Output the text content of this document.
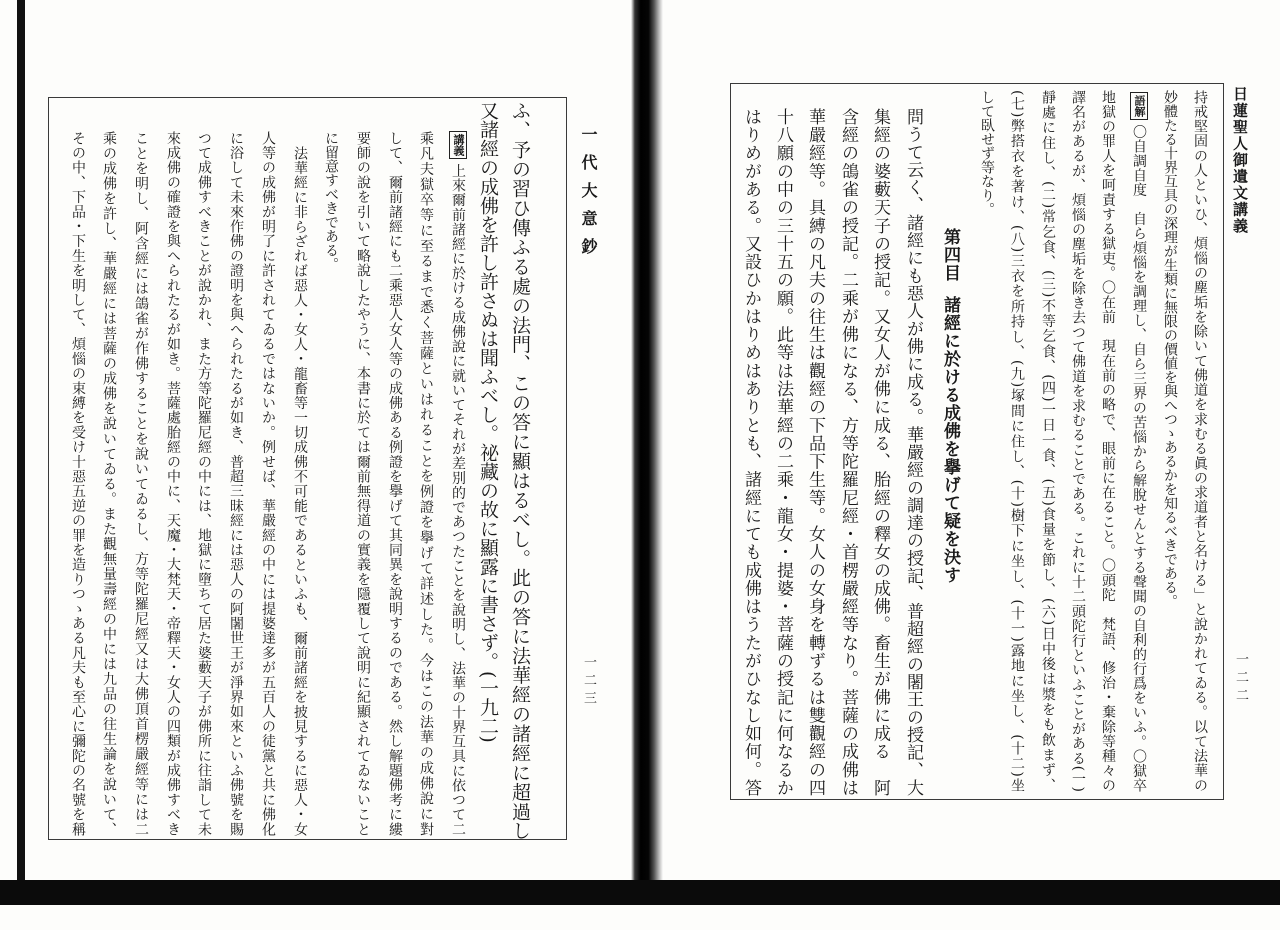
一代大意鈔
一二三
ふ、予の習ひ傳ふる處の法門、この答に顯はるべし。此の答に法華經の諸經に超過し
又諸經の成佛を許し許さぬは聞ふべし。祕藏の故に顯露に書さず。(一九二)
講義上來爾前諸經に於ける成佛說に就いてそれが差別的であつたことを說明し、法華の十界互具に依つて二
乘凡夫獄卒等に至るまで悉く菩薩といはれることを例證を擧げて詳述した。今はこの法華の成佛說に對
して、爾前諸經にも二乘惡人女人等の成佛ある例證を擧げて其同異を說明するのである。然し解題佛考に縷
要師の說を引いて略說したやうに、本書に於ては爾前無得道の實義を隱覆して說明に紀顯されてゐないこと
に留意すべきである。
法華經に非らざれば惡人・女人・龍畜等一切成佛不可能であるといふも、爾前諸經を披見するに惡人・女
人等の成佛が明了に許されてゐるではないか。例せば、華嚴經の中には提婆達多が五百人の徒黨と共に佛化
に浴して未來作佛の證明を與へられたるが如き、普超三昧經には惡人の阿闍世王が淨界如來といふ佛號を賜
つて成佛すべきことが說かれ、また方等陀羅尼經の中には、地獄に墮ちて居た婆藪天子が佛所に往詣して未
來成佛の確證を與へられたるが如き。菩薩處胎經の中に、天魔・大梵天・帝釋天・女人の四類が成佛すべき
ことを明し、阿含經には鴿雀が作佛することを說いてゐるし、方等陀羅尼經又は大佛頂首楞嚴經等には二
乘の成佛を許し、華嚴經には菩薩の成佛を說いてゐる。また觀無量壽經の中には九品の往生論を說いて、
その中、下品・下生を明して、煩惱の束縛を受け十惡五逆の罪を造りつゝある凡夫も至心に彌陀の名號を稱	日蓮聖人御遺文講義
一二二
持戒堅固の人といひ、煩惱の塵垢を除いて佛道を求むる眞の求道者と名ける」と說かれてゐる。以て法華の
妙體たる十界互具の深理が生類に無限の價値を與へつゝあるかを知るべきである。
語解〇自調自度　自ら煩惱を調理し、自ら三界の苦惱から解脫せんとする聲聞の自利的行爲をいふ。〇獄卒
地獄の罪人を呵責する獄吏。〇在前　現在前の略で、眼前に在ること。〇頭陀　梵語、修治・棄除等種々の
譯名があるが、煩惱の塵垢を除き去つて佛道を求むることである。これに十二頭陀行といふことがある(一)
靜處に住し、(二)常乞食、(三)不等乞食、(四)一日一食、(五)食量を節し、(六)日中後は漿をも飲まず、
(七)弊搭衣を著け、(八)三衣を所持し、(九)塚間に住し、(十)樹下に坐し、(十一)露地に坐し、(十二)坐
して臥せず等なり。
第四目諸經に於ける成佛を擧げて疑を決す
問うて云く、諸經にも惡人が佛に成る。華嚴經の調達の授記、普超經の闍王の授記、大
集經の婆藪天子の授記。又女人が佛に成る、胎經の釋女の成佛。畜生が佛に成る　阿
含經の鴿雀の授記。二乘が佛になる、方等陀羅尼經・首楞嚴經等なり。菩薩の成佛は
華嚴經等。具縛の凡夫の往生は觀經の下品下生等。女人の女身を轉ずるは雙觀經の四
十八願の中の三十五の願。此等は法華經の二乘・龍女・提婆・菩薩の授記に何なるか
はりめがある。又設ひかはりめはありとも、諸經にても成佛はうたがひなし如何。答
